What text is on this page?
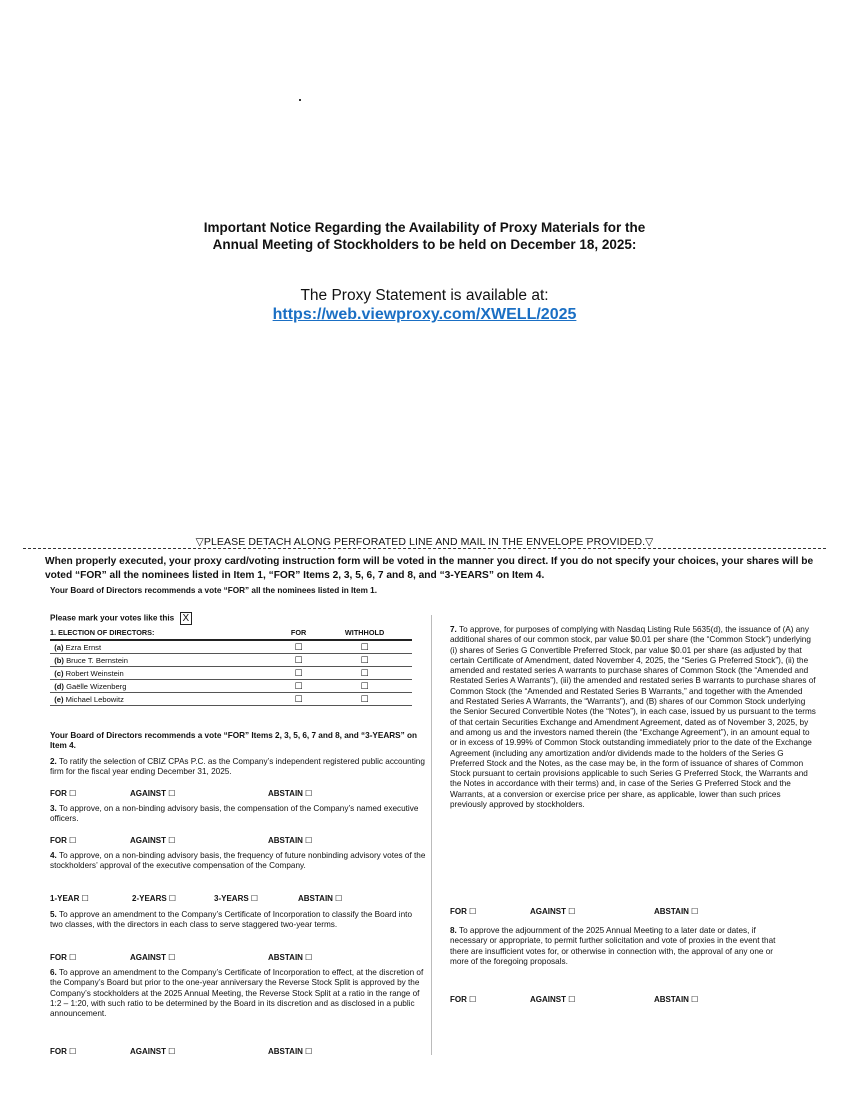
Important Notice Regarding the Availability of Proxy Materials for the
Annual Meeting of Stockholders to be held on December 18, 2025:
The Proxy Statement is available at:
https://web.viewproxy.com/XWELL/2025
▽PLEASE DETACH ALONG PERFORATED LINE AND MAIL IN THE ENVELOPE PROVIDED.▽
When properly executed, your proxy card/voting instruction form will be voted in the manner you direct. If you do not specify your choices, your shares will be voted “FOR” all the nominees listed in Item 1, “FOR” Items 2, 3, 5, 6, 7 and 8, and “3-YEARS” on Item 4.
Your Board of Directors recommends a vote “FOR” all the nominees listed in Item 1.
Please mark your votes like this X
1. ELECTION OF DIRECTORS:	FOR	WITHHOLD
(a) Ezra Ernst	☐	☐
(b) Bruce T. Bernstein	☐	☐
(c) Robert Weinstein	☐	☐
(d) Gaëlle Wizenberg	☐	☐
(e) Michael Lebowitz	☐	☐
Your Board of Directors recommends a vote “FOR” Items 2, 3, 5, 6, 7 and 8, and “3-YEARS” on Item 4.
2. To ratify the selection of CBIZ CPAs P.C. as the Company’s independent registered public accounting firm for the fiscal year ending December 31, 2025.
FOR ☐	AGAINST ☐	ABSTAIN ☐
3. To approve, on a non-binding advisory basis, the compensation of the Company’s named executive officers.
FOR ☐	AGAINST ☐	ABSTAIN ☐
4. To approve, on a non-binding advisory basis, the frequency of future nonbinding advisory votes of the stockholders’ approval of the executive compensation of the Company.
1-YEAR ☐	2-YEARS ☐	3-YEARS ☐	ABSTAIN ☐
5. To approve an amendment to the Company’s Certificate of Incorporation to classify the Board into two classes, with the directors in each class to serve staggered two-year terms.
FOR ☐	AGAINST ☐	ABSTAIN ☐
6. To approve an amendment to the Company’s Certificate of Incorporation to effect, at the discretion of the Company’s Board but prior to the one-year anniversary the Reverse Stock Split is approved by the Company’s stockholders at the 2025 Annual Meeting, the Reverse Stock Split at a ratio in the range of 1:2 – 1:20, with such ratio to be determined by the Board in its discretion and as disclosed in a public announcement.
FOR ☐	AGAINST ☐	ABSTAIN ☐
7. To approve, for purposes of complying with Nasdaq Listing Rule 5635(d), the issuance of (A) any additional shares of our common stock, par value $0.01 per share (the “Common Stock”) underlying (i) shares of Series G Convertible Preferred Stock, par value $0.01 per share (as adjusted by that certain Certificate of Amendment, dated November 4, 2025, the “Series G Preferred Stock”), (ii) the amended and restated series A warrants to purchase shares of Common Stock (the “Amended and Restated Series A Warrants”), (iii) the amended and restated series B warrants to purchase shares of Common Stock (the “Amended and Restated Series B Warrants,” and together with the Amended and Restated Series A Warrants, the “Warrants”), and (B) shares of our Common Stock underlying the Senior Secured Convertible Notes (the “Notes”), in each case, issued by us pursuant to the terms of that certain Securities Exchange and Amendment Agreement, dated as of November 3, 2025, by and among us and the investors named therein (the “Exchange Agreement”), in an amount equal to or in excess of 19.99% of Common Stock outstanding immediately prior to the date of the Exchange Agreement (including any amortization and/or dividends made to the holders of the Series G Preferred Stock and the Notes, as the case may be, in the form of issuance of shares of Common Stock pursuant to certain provisions applicable to such Series G Preferred Stock, the Warrants and the Notes in accordance with their terms) and, in case of the Series G Preferred Stock and the Warrants, at a conversion or exercise price per share, as applicable, lower than such prices previously approved by stockholders.
FOR ☐	AGAINST ☐	ABSTAIN ☐
8. To approve the adjournment of the 2025 Annual Meeting to a later date or dates, if necessary or appropriate, to permit further solicitation and vote of proxies in the event that there are insufficient votes for, or otherwise in connection with, the approval of any one or more of the foregoing proposals.
FOR ☐	AGAINST ☐	ABSTAIN ☐
